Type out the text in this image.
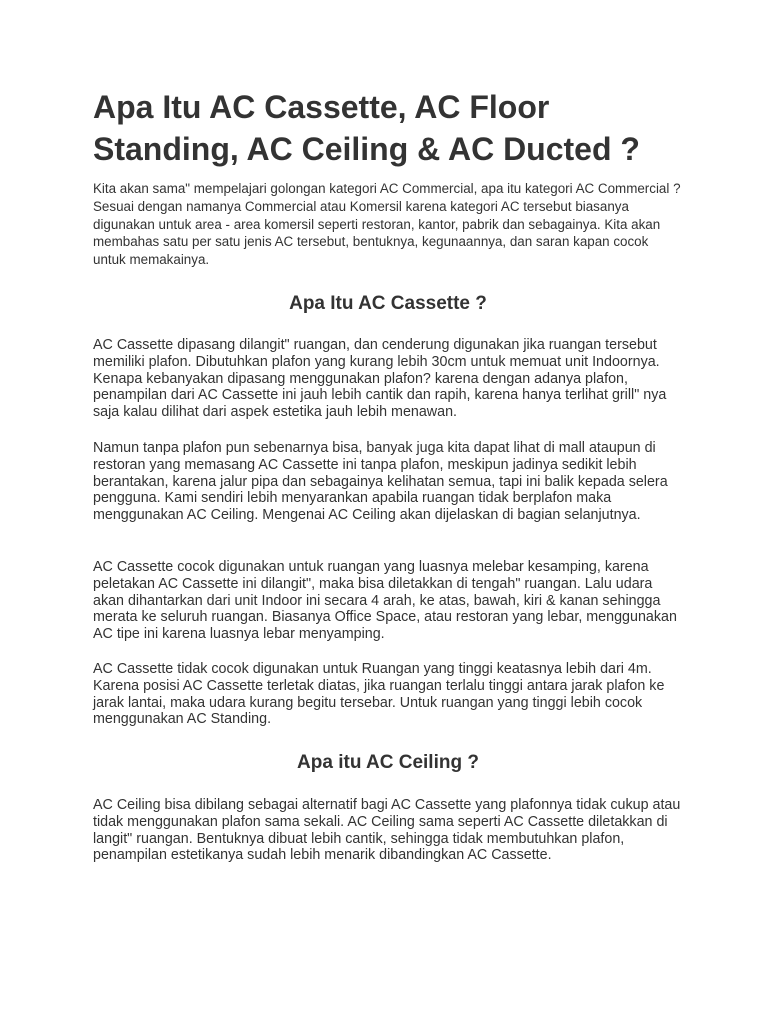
Apa Itu AC Cassette, AC Floor Standing, AC Ceiling & AC Ducted ?

Kita akan sama" mempelajari golongan kategori AC Commercial, apa itu kategori AC Commercial ? Sesuai dengan namanya Commercial atau Komersil karena kategori AC tersebut biasanya digunakan untuk area - area komersil seperti restoran, kantor, pabrik dan sebagainya. Kita akan membahas satu per satu jenis AC tersebut, bentuknya, kegunaannya, dan saran kapan cocok untuk memakainya.

Apa Itu AC Cassette ?

AC Cassette dipasang dilangit" ruangan, dan cenderung digunakan jika ruangan tersebut memiliki plafon. Dibutuhkan plafon yang kurang lebih 30cm untuk memuat unit Indoornya. Kenapa kebanyakan dipasang menggunakan plafon? karena dengan adanya plafon, penampilan dari AC Cassette ini jauh lebih cantik dan rapih, karena hanya terlihat grill" nya saja kalau dilihat dari aspek estetika jauh lebih menawan.

Namun tanpa plafon pun sebenarnya bisa, banyak juga kita dapat lihat di mall ataupun di restoran yang memasang AC Cassette ini tanpa plafon, meskipun jadinya sedikit lebih berantakan, karena jalur pipa dan sebagainya kelihatan semua, tapi ini balik kepada selera pengguna. Kami sendiri lebih menyarankan apabila ruangan tidak berplafon maka menggunakan AC Ceiling. Mengenai AC Ceiling akan dijelaskan di bagian selanjutnya.

AC Cassette cocok digunakan untuk ruangan yang luasnya melebar kesamping, karena peletakan AC Cassette ini dilangit", maka bisa diletakkan di tengah" ruangan. Lalu udara akan dihantarkan dari unit Indoor ini secara 4 arah, ke atas, bawah, kiri & kanan sehingga merata ke seluruh ruangan. Biasanya Office Space, atau restoran yang lebar, menggunakan AC tipe ini karena luasnya lebar menyamping.

AC Cassette tidak cocok digunakan untuk Ruangan yang tinggi keatasnya lebih dari 4m. Karena posisi AC Cassette terletak diatas, jika ruangan terlalu tinggi antara jarak plafon ke jarak lantai, maka udara kurang begitu tersebar. Untuk ruangan yang tinggi lebih cocok menggunakan AC Standing.

Apa itu AC Ceiling ?

AC Ceiling bisa dibilang sebagai alternatif bagi AC Cassette yang plafonnya tidak cukup atau tidak menggunakan plafon sama sekali. AC Ceiling sama seperti AC Cassette diletakkan di langit" ruangan. Bentuknya dibuat lebih cantik, sehingga tidak membutuhkan plafon, penampilan estetikanya sudah lebih menarik dibandingkan AC Cassette.
